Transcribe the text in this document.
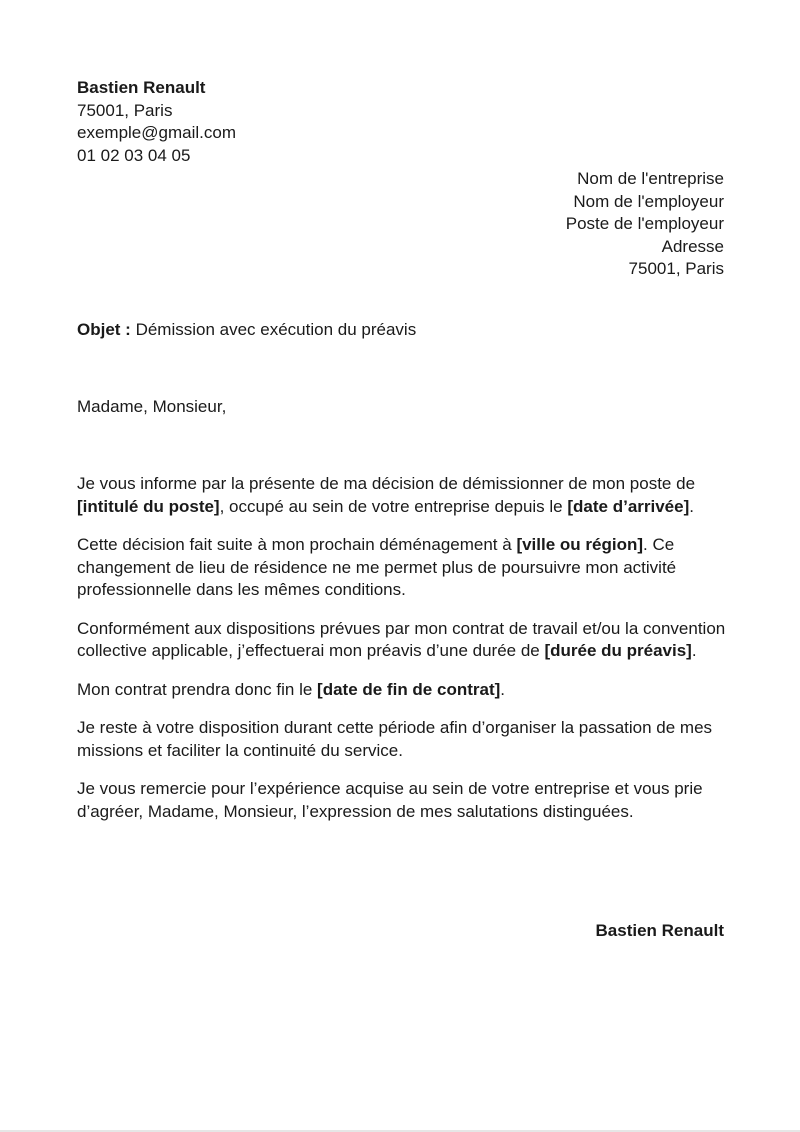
Bastien Renault
75001, Paris
exemple@gmail.com
01 02 03 04 05
Nom de l'entreprise
Nom de l'employeur
Poste de l'employeur
Adresse
75001, Paris
Objet : Démission avec exécution du préavis
Madame, Monsieur,

Je vous informe par la présente de ma décision de démissionner de mon poste de [intitulé du poste], occupé au sein de votre entreprise depuis le [date d’arrivée].

Cette décision fait suite à mon prochain déménagement à [ville ou région]. Ce changement de lieu de résidence ne me permet plus de poursuivre mon activité professionnelle dans les mêmes conditions.

Conformément aux dispositions prévues par mon contrat de travail et/ou la convention collective applicable, j’effectuerai mon préavis d’une durée de [durée du préavis].

Mon contrat prendra donc fin le [date de fin de contrat].

Je reste à votre disposition durant cette période afin d’organiser la passation de mes missions et faciliter la continuité du service.

Je vous remercie pour l’expérience acquise au sein de votre entreprise et vous prie d’agréer, Madame, Monsieur, l’expression de mes salutations distinguées.

Bastien Renault
